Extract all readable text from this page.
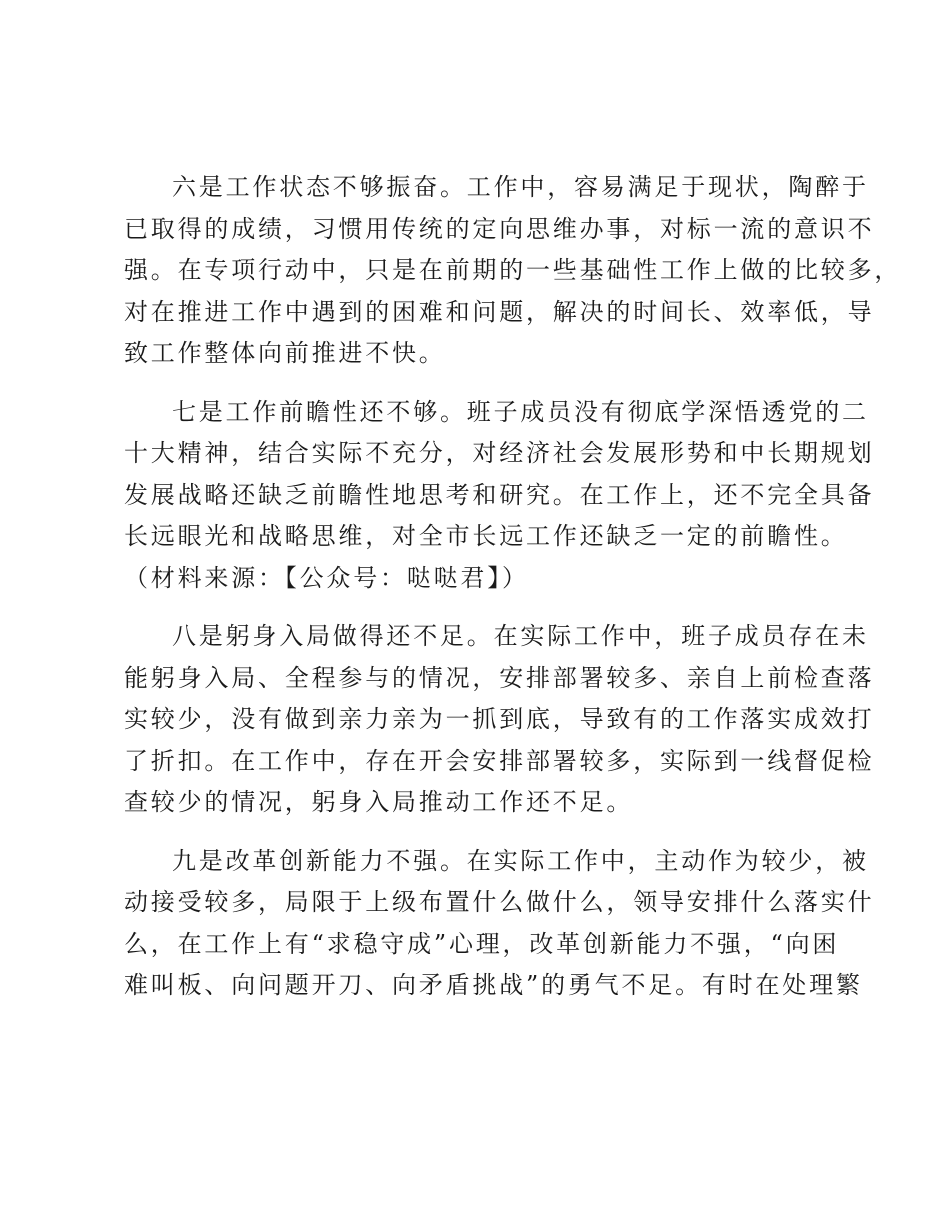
六是工作状态不够振奋。工作中，容易满足于现状，陶醉于
已取得的成绩，习惯用传统的定向思维办事，对标一流的意识不
强。在专项行动中，只是在前期的一些基础性工作上做的比较多，
对在推进工作中遇到的困难和问题，解决的时间长、效率低，导
致工作整体向前推进不快。
七是工作前瞻性还不够。班子成员没有彻底学深悟透党的二
十大精神，结合实际不充分，对经济社会发展形势和中长期规划
发展战略还缺乏前瞻性地思考和研究。在工作上，还不完全具备
长远眼光和战略思维，对全市长远工作还缺乏一定的前瞻性。
（材料来源：【公众号：哒哒君】）
八是躬身入局做得还不足。在实际工作中，班子成员存在未
能躬身入局、全程参与的情况，安排部署较多、亲自上前检查落
实较少，没有做到亲力亲为一抓到底，导致有的工作落实成效打
了折扣。在工作中，存在开会安排部署较多，实际到一线督促检
查较少的情况，躬身入局推动工作还不足。
九是改革创新能力不强。在实际工作中，主动作为较少，被
动接受较多，局限于上级布置什么做什么，领导安排什么落实什
么，在工作上有“求稳守成”心理，改革创新能力不强，“向困
难叫板、向问题开刀、向矛盾挑战”的勇气不足。有时在处理繁
